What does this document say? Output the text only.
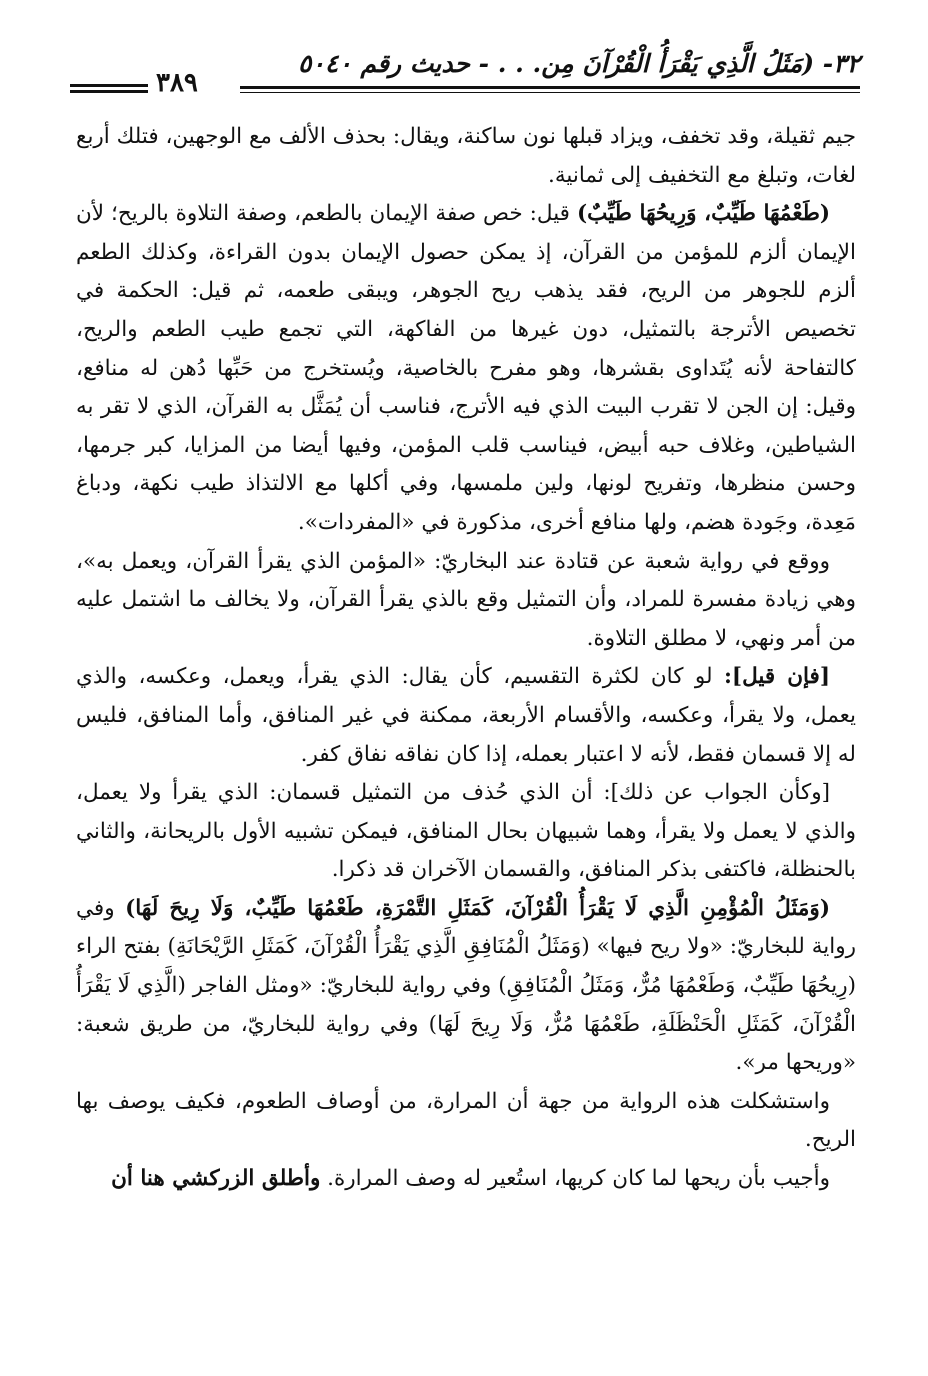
٣٢- (مَثَلُ الَّذِي يَقْرَأُ الْقُرْآنَ مِن. . . - حديث رقم ٥٠٤٠
٣٨٩

جيم ثقيلة، وقد تخفف، ويزاد قبلها نون ساكنة، ويقال: بحذف الألف مع الوجهين، فتلك أربع لغات، وتبلغ مع التخفيف إلى ثمانية.

(طَعْمُهَا طَيِّبٌ، وَرِيحُهَا طَيِّبٌ) قيل: خص صفة الإيمان بالطعم، وصفة التلاوة بالريح؛ لأن الإيمان ألزم للمؤمن من القرآن، إذ يمكن حصول الإيمان بدون القراءة، وكذلك الطعم ألزم للجوهر من الريح، فقد يذهب ريح الجوهر، ويبقى طعمه، ثم قيل: الحكمة في تخصيص الأترجة بالتمثيل، دون غيرها من الفاكهة، التي تجمع طيب الطعم والريح، كالتفاحة لأنه يُتَداوى بقشرها، وهو مفرح بالخاصية، ويُستخرج من حَبِّها دُهن له منافع، وقيل: إن الجن لا تقرب البيت الذي فيه الأترج، فناسب أن يُمَثَّل به القرآن، الذي لا تقر به الشياطين، وغلاف حبه أبيض، فيناسب قلب المؤمن، وفيها أيضا من المزايا، كبر جرمها، وحسن منظرها، وتفريح لونها، ولين ملمسها، وفي أكلها مع الالتذاذ طيب نكهة، ودباغ مَعِدة، وجَودة هضم، ولها منافع أخرى، مذكورة في «المفردات».

ووقع في رواية شعبة عن قتادة عند البخاريّ: «المؤمن الذي يقرأ القرآن، ويعمل به»، وهي زيادة مفسرة للمراد، وأن التمثيل وقع بالذي يقرأ القرآن، ولا يخالف ما اشتمل عليه من أمر ونهي، لا مطلق التلاوة.

[فإن قيل]: لو كان لكثرة التقسيم، كأن يقال: الذي يقرأ، ويعمل، وعكسه، والذي يعمل، ولا يقرأ، وعكسه، والأقسام الأربعة، ممكنة في غير المنافق، وأما المنافق، فليس له إلا قسمان فقط، لأنه لا اعتبار بعمله، إذا كان نفاقه نفاق كفر.

[وكأن الجواب عن ذلك]: أن الذي حُذف من التمثيل قسمان: الذي يقرأ ولا يعمل، والذي لا يعمل ولا يقرأ، وهما شبيهان بحال المنافق، فيمكن تشبيه الأول بالريحانة، والثاني بالحنظلة، فاكتفى بذكر المنافق، والقسمان الآخران قد ذكرا.

(وَمَثَلُ الْمُؤْمِنِ الَّذِي لَا يَقْرَأُ الْقُرْآنَ، كَمَثَلِ التَّمْرَةِ، طَعْمُهَا طَيِّبٌ، وَلَا رِيحَ لَهَا) وفي رواية للبخاريّ: «ولا ريح فيها» (وَمَثَلُ الْمُنَافِقِ الَّذِي يَقْرَأُ الْقُرْآنَ، كَمَثَلِ الرَّيْحَانَةِ) بفتح الراء (رِيحُهَا طَيِّبٌ، وَطَعْمُهَا مُرٌّ، وَمَثَلُ الْمُنَافِقِ) وفي رواية للبخاريّ: «ومثل الفاجر (الَّذِي لَا يَقْرَأُ الْقُرْآنَ، كَمَثَلِ الْحَنْظَلَةِ، طَعْمُهَا مُرٌّ، وَلَا رِيحَ لَهَا) وفي رواية للبخاريّ، من طريق شعبة: «وريحها مر».

واستشكلت هذه الرواية من جهة أن المرارة، من أوصاف الطعوم، فكيف يوصف بها الريح.

وأجيب بأن ريحها لما كان كريها، استُعير له وصف المرارة. وأطلق الزركشي هنا أن
